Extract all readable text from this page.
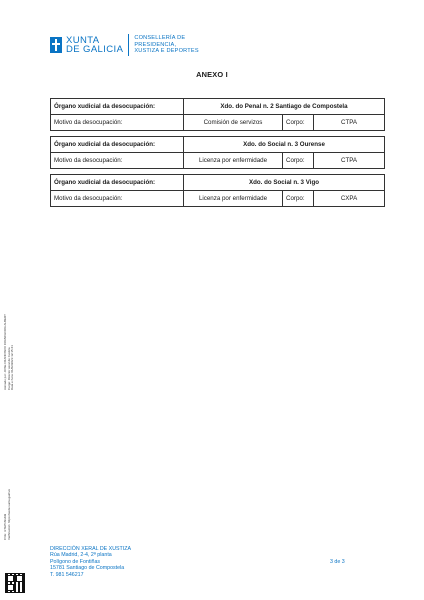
XUNTA
DE GALICIA
CONSELLERÍA DE
PRESIDENCIA,
XUSTIZA E DEPORTES
ANEXO I
Órgano xudicial da desocupación:	Xdo. do Penal n. 2 Santiago de Compostela		
Motivo da desocupación:	Comisión de servizos	Corpo:	CTPA
Órgano xudicial da desocupación:	Xdo. do Social n. 3 Ourense		
Motivo da desocupación:	Licenza por enfermidade	Corpo:	CTPA
Órgano xudicial da desocupación:	Xdo. do Social n. 3 Vigo		
Motivo da desocupación:	Licenza por enfermidade	Corpo:	CXPA
Asinado por: JOSE FRANCISCO FRANCHORA ALBERT Cargo: Director xeral de Xustiza Data e hora: 01/02/2023 12:15:41
CVE: rcTEP1f3sKi9 Verificación: https://sede.xunta.gal/cve
DIRECCIÓN XERAL DE XUSTIZA
Rúa Madrid, 2-4, 2ª planta
Polígono de Fontiñas
15781 Santiago de Compostela
T. 981 546217
3 de 3
